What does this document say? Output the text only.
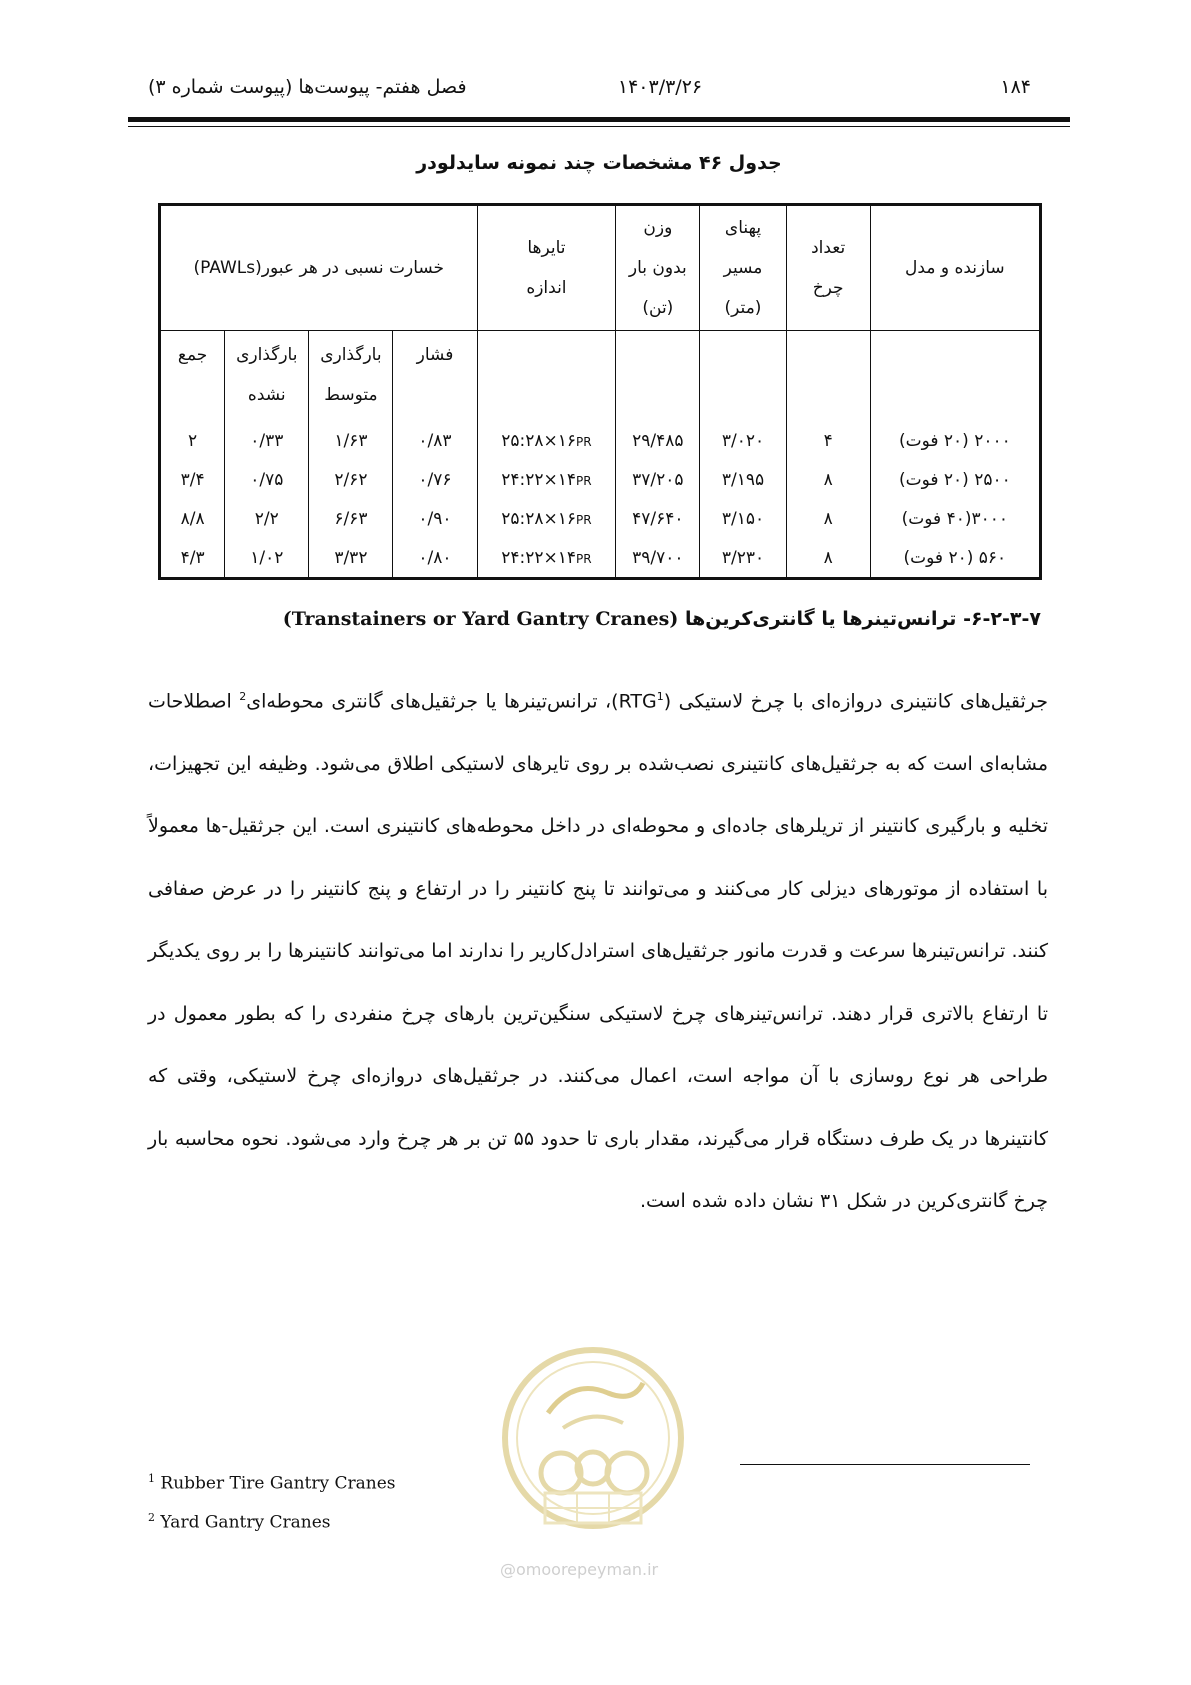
۱۸۴
۱۴۰۳/۳/۲۶
فصل هفتم- پیوست‌ها (پیوست شماره ۳)
جدول ۴۶ مشخصات چند نمونه سایدلودر
سازنده و مدل	تعداد چرخ	پهنای مسیر (متر)	وزن بدون بار (تن)	تایرها اندازه	خسارت نسبی در هر عبور(PAWLs)			
					فشار	بارگذاری متوسط	بارگذاری نشده	جمع
۲۰۰۰ (۲۰ فوت)	۴	۳/۰۲۰	۲۹/۴۸۵	۲۵:۲۸×۱۶PR	۰/۸۳	۱/۶۳	۰/۳۳	۲
۲۵۰۰ (۲۰ فوت)	۸	۳/۱۹۵	۳۷/۲۰۵	۲۴:۲۲×۱۴PR	۰/۷۶	۲/۶۲	۰/۷۵	۳/۴
۳۰۰۰(۴۰ فوت)	۸	۳/۱۵۰	۴۷/۶۴۰	۲۵:۲۸×۱۶PR	۰/۹۰	۶/۶۳	۲/۲	۸/۸
۵۶۰ (۲۰ فوت)	۸	۳/۲۳۰	۳۹/۷۰۰	۲۴:۲۲×۱۴PR	۰/۸۰	۳/۳۲	۱/۰۲	۴/۳
۶-۲-۳-۷- ترانس‌تینرها یا گانتری‌کرین‌ها (Transtainers or Yard Gantry Cranes)
جرثقیل‌های کانتینری دروازه‌ای با چرخ لاستیکی (RTG$^1$)، ترانس‌تینرها یا جرثقیل‌های گانتری محوطه‌ای$^2$ اصطلاحات مشابه‌ای است که به جرثقیل‌های کانتینری نصب‌شده بر روی تایرهای لاستیکی اطلاق می‌شود. وظیفه این تجهیزات، تخلیه و بارگیری کانتینر از تریلرهای جاده‌ای و محوطه‌ای در داخل محوطه‌های کانتینری است. این جرثقیل-ها معمولاً با استفاده از موتورهای دیزلی کار می‌کنند و می‌توانند تا پنج کانتینر را در ارتفاع و پنج کانتینر را در عرض صفافی کنند. ترانس‌تینرها سرعت و قدرت مانور جرثقیل‌های استرادل‌کاریر را ندارند اما می‌توانند کانتینرها را بر روی یکدیگر تا ارتفاع بالاتری قرار دهند. ترانس‌تینرهای چرخ لاستیکی سنگین‌ترین بارهای چرخ منفردی را که بطور معمول در طراحی هر نوع روسازی با آن مواجه است، اعمال می‌کنند. در جرثقیل‌های دروازه‌ای چرخ لاستیکی، وقتی که کانتینرها در یک طرف دستگاه قرار می‌گیرند، مقدار باری تا حدود ۵۵ تن بر هر چرخ وارد می‌شود. نحوه محاسبه بار چرخ گانتری‌کرین در شکل ۳۱ نشان داده شده است.
@omoorepeyman.ir
$^1$ Rubber Tire Gantry Cranes
$^2$ Yard Gantry Cranes
